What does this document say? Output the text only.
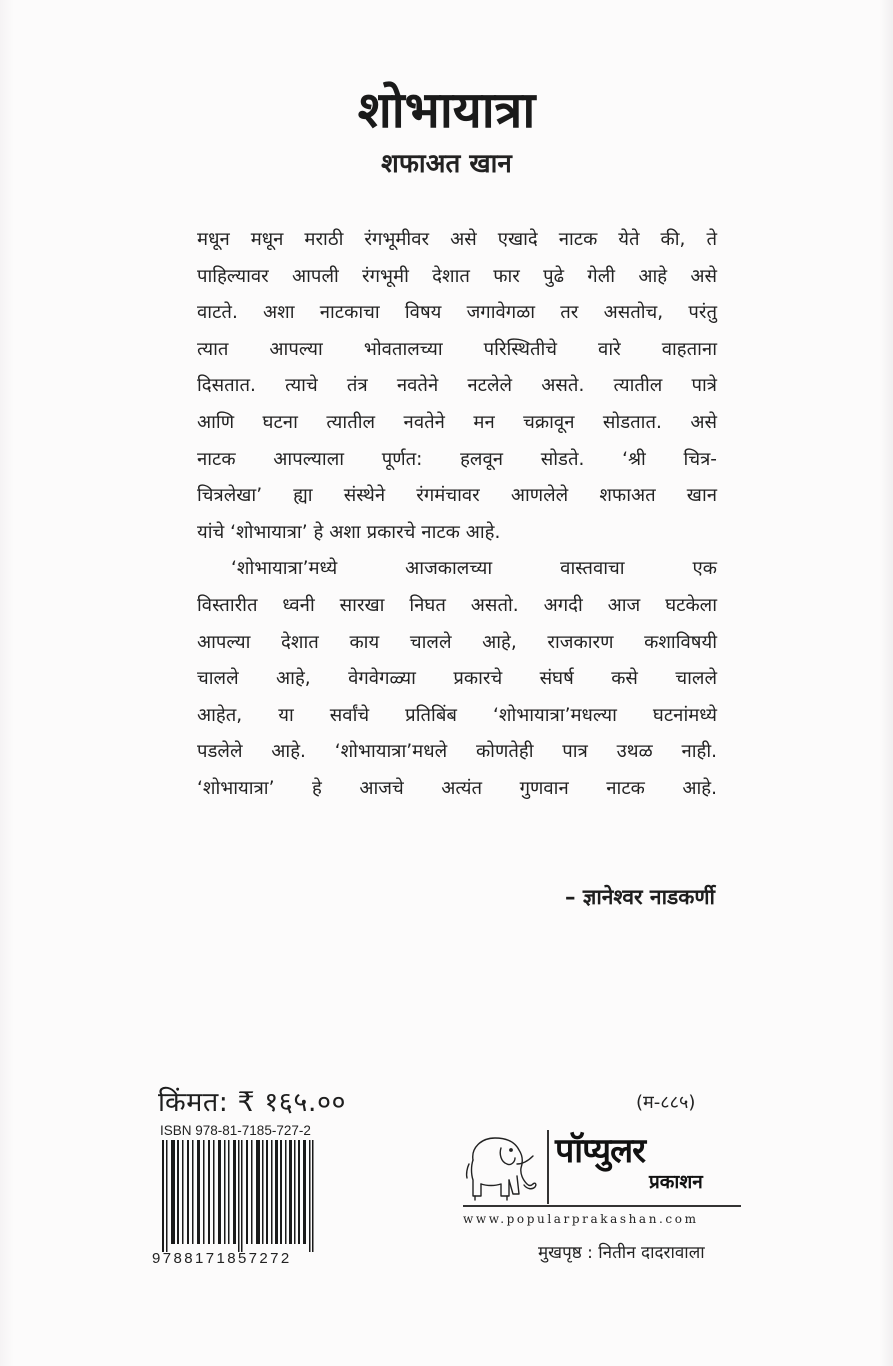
शोभायात्रा
शफाअत खान
मधून मधून मराठी रंगभूमीवर असे एखादे नाटक येते की, ते
पाहिल्यावर आपली रंगभूमी देशात फार पुढे गेली आहे असे
वाटते. अशा नाटकाचा विषय जगावेगळा तर असतोच, परंतु
त्यात आपल्या भोवतालच्या परिस्थितीचे वारे वाहताना
दिसतात. त्याचे तंत्र नवतेने नटलेले असते. त्यातील पात्रे
आणि घटना त्यातील नवतेने मन चक्रावून सोडतात. असे
नाटक आपल्याला पूर्णत: हलवून सोडते. ‘श्री चित्र-
चित्रलेखा’ ह्या संस्थेने रंगमंचावर आणलेले शफाअत खान
यांचे ‘शोभायात्रा’ हे अशा प्रकारचे नाटक आहे.
‘शोभायात्रा’मध्ये आजकालच्या वास्तवाचा एक
विस्तारीत ध्वनी सारखा निघत असतो. अगदी आज घटकेला
आपल्या देशात काय चालले आहे, राजकारण कशाविषयी
चालले आहे, वेगवेगळ्या प्रकारचे संघर्ष कसे चालले
आहेत, या सर्वांचे प्रतिबिंब ‘शोभायात्रा’मधल्या घटनांमध्ये
पडलेले आहे. ‘शोभायात्रा’मधले कोणतेही पात्र उथळ नाही.
‘शोभायात्रा’ हे आजचे अत्यंत गुणवान नाटक आहे.
– ज्ञानेश्वर नाडकर्णी
किंमत: ₹ १६५.००
ISBN 978-81-7185-727-2
9788171857272
(म-८८५)
पॉप्युलर
प्रकाशन
www.popularprakashan.com
मुखपृष्ठ : नितीन दादरावाला
